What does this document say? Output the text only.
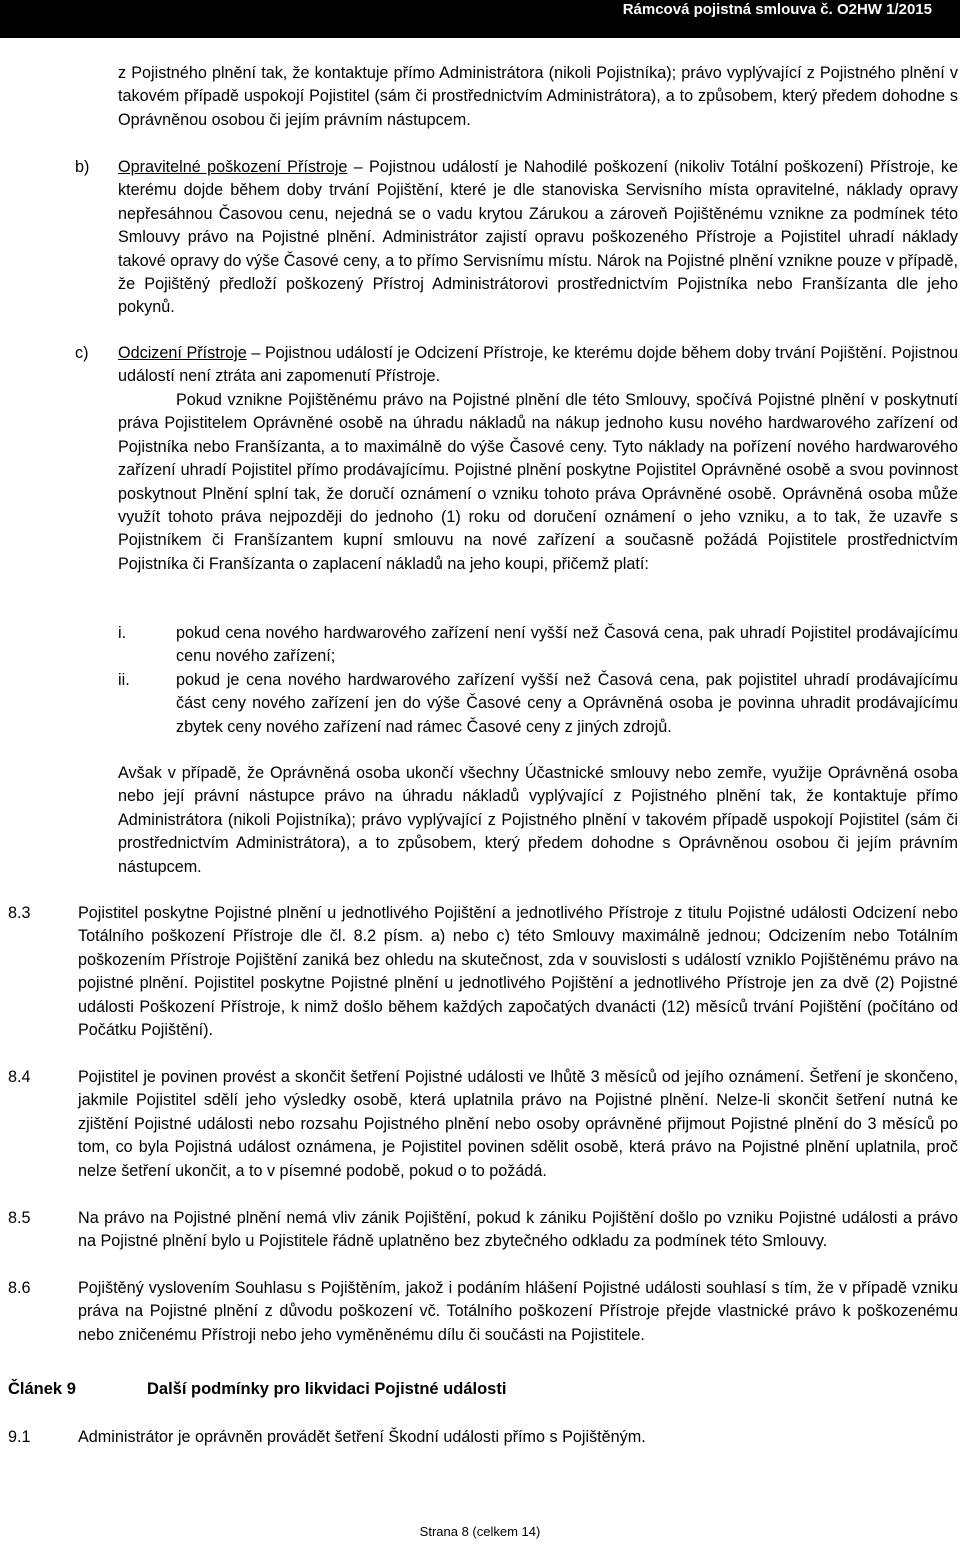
Rámcová pojistná smlouva č. O2HW 1/2015
z Pojistného plnění tak, že kontaktuje přímo Administrátora (nikoli Pojistníka); právo vyplývající z Pojistného plnění v takovém případě uspokojí Pojistitel (sám či prostřednictvím Administrátora), a to způsobem, který předem dohodne s Oprávněnou osobou či jejím právním nástupcem.
b) Opravitelné poškození Přístroje – Pojistnou událostí je Nahodilé poškození (nikoliv Totální poškození) Přístroje, ke kterému dojde během doby trvání Pojištění, které je dle stanoviska Servisního místa opravitelné, náklady opravy nepřesáhnou Časovou cenu, nejedná se o vadu krytou Zárukou a zároveň Pojištěnému vznikne za podmínek této Smlouvy právo na Pojistné plnění. Administrátor zajistí opravu poškozeného Přístroje a Pojistitel uhradí náklady takové opravy do výše Časové ceny, a to přímo Servisnímu místu. Nárok na Pojistné plnění vznikne pouze v případě, že Pojištěný předloží poškozený Přístroj Administrátorovi prostřednictvím Pojistníka nebo Franšízanta dle jeho pokynů.
c) Odcizení Přístroje – Pojistnou událostí je Odcizení Přístroje, ke kterému dojde během doby trvání Pojištění. Pojistnou událostí není ztráta ani zapomenutí Přístroje.
Pokud vznikne Pojištěnému právo na Pojistné plnění dle této Smlouvy, spočívá Pojistné plnění v poskytnutí práva Pojistitelem Oprávněné osobě na úhradu nákladů na nákup jednoho kusu nového hardwarového zařízení od Pojistníka nebo Franšízanta, a to maximálně do výše Časové ceny. Tyto náklady na pořízení nového hardwarového zařízení uhradí Pojistitel přímo prodávajícímu. Pojistné plnění poskytne Pojistitel Oprávněné osobě a svou povinnost poskytnout Plnění splní tak, že doručí oznámení o vzniku tohoto práva Oprávněné osobě. Oprávněná osoba může využít tohoto práva nejpozději do jednoho (1) roku od doručení oznámení o jeho vzniku, a to tak, že uzavře s Pojistníkem či Franšízantem kupní smlouvu na nové zařízení a současně požádá Pojistitele prostřednictvím Pojistníka či Franšízanta o zaplacení nákladů na jeho koupi, přičemž platí:
i.	pokud cena nového hardwarového zařízení není vyšší než Časová cena, pak uhradí Pojistitel prodávajícímu cenu nového zařízení;
ii.	pokud je cena nového hardwarového zařízení vyšší než Časová cena, pak pojistitel uhradí prodávajícímu část ceny nového zařízení jen do výše Časové ceny a Oprávněná osoba je povinna uhradit prodávajícímu zbytek ceny nového zařízení nad rámec Časové ceny z jiných zdrojů.
Avšak v případě, že Oprávněná osoba ukončí všechny Účastnické smlouvy nebo zemře, využije Oprávněná osoba nebo její právní nástupce právo na úhradu nákladů vyplývající z Pojistného plnění tak, že kontaktuje přímo Administrátora (nikoli Pojistníka); právo vyplývající z Pojistného plnění v takovém případě uspokojí Pojistitel (sám či prostřednictvím Administrátora), a to způsobem, který předem dohodne s Oprávněnou osobou či jejím právním nástupcem.
8.3	Pojistitel poskytne Pojistné plnění u jednotlivého Pojištění a jednotlivého Přístroje z titulu Pojistné události Odcizení nebo Totálního poškození Přístroje dle čl. 8.2 písm. a) nebo c) této Smlouvy maximálně jednou; Odcizením nebo Totálním poškozením Přístroje Pojištění zaniká bez ohledu na skutečnost, zda v souvislosti s událostí vzniklo Pojištěnému právo na pojistné plnění. Pojistitel poskytne Pojistné plnění u jednotlivého Pojištění a jednotlivého Přístroje jen za dvě (2) Pojistné události Poškození Přístroje, k nimž došlo během každých započatých dvanácti (12) měsíců trvání Pojištění (počítáno od Počátku Pojištění).
8.4	Pojistitel je povinen provést a skončit šetření Pojistné události ve lhůtě 3 měsíců od jejího oznámení. Šetření je skončeno, jakmile Pojistitel sdělí jeho výsledky osobě, která uplatnila právo na Pojistné plnění. Nelze-li skončit šetření nutná ke zjištění Pojistné události nebo rozsahu Pojistného plnění nebo osoby oprávněné přijmout Pojistné plnění do 3 měsíců po tom, co byla Pojistná událost oznámena, je Pojistitel povinen sdělit osobě, která právo na Pojistné plnění uplatnila, proč nelze šetření ukončit, a to v písemné podobě, pokud o to požádá.
8.5	Na právo na Pojistné plnění nemá vliv zánik Pojištění, pokud k zániku Pojištění došlo po vzniku Pojistné události a právo na Pojistné plnění bylo u Pojistitele řádně uplatněno bez zbytečného odkladu za podmínek této Smlouvy.
8.6	Pojištěný vyslovením Souhlasu s Pojištěním, jakož i podáním hlášení Pojistné události souhlasí s tím, že v případě vzniku práva na Pojistné plnění z důvodu poškození vč. Totálního poškození Přístroje přejde vlastnické právo k poškozenému nebo zničenému Přístroji nebo jeho vyměněnému dílu či součásti na Pojistitele.
Článek 9	Další podmínky pro likvidaci Pojistné události
9.1	Administrátor je oprávněn provádět šetření Škodní události přímo s Pojištěným.
Strana 8 (celkem 14)
